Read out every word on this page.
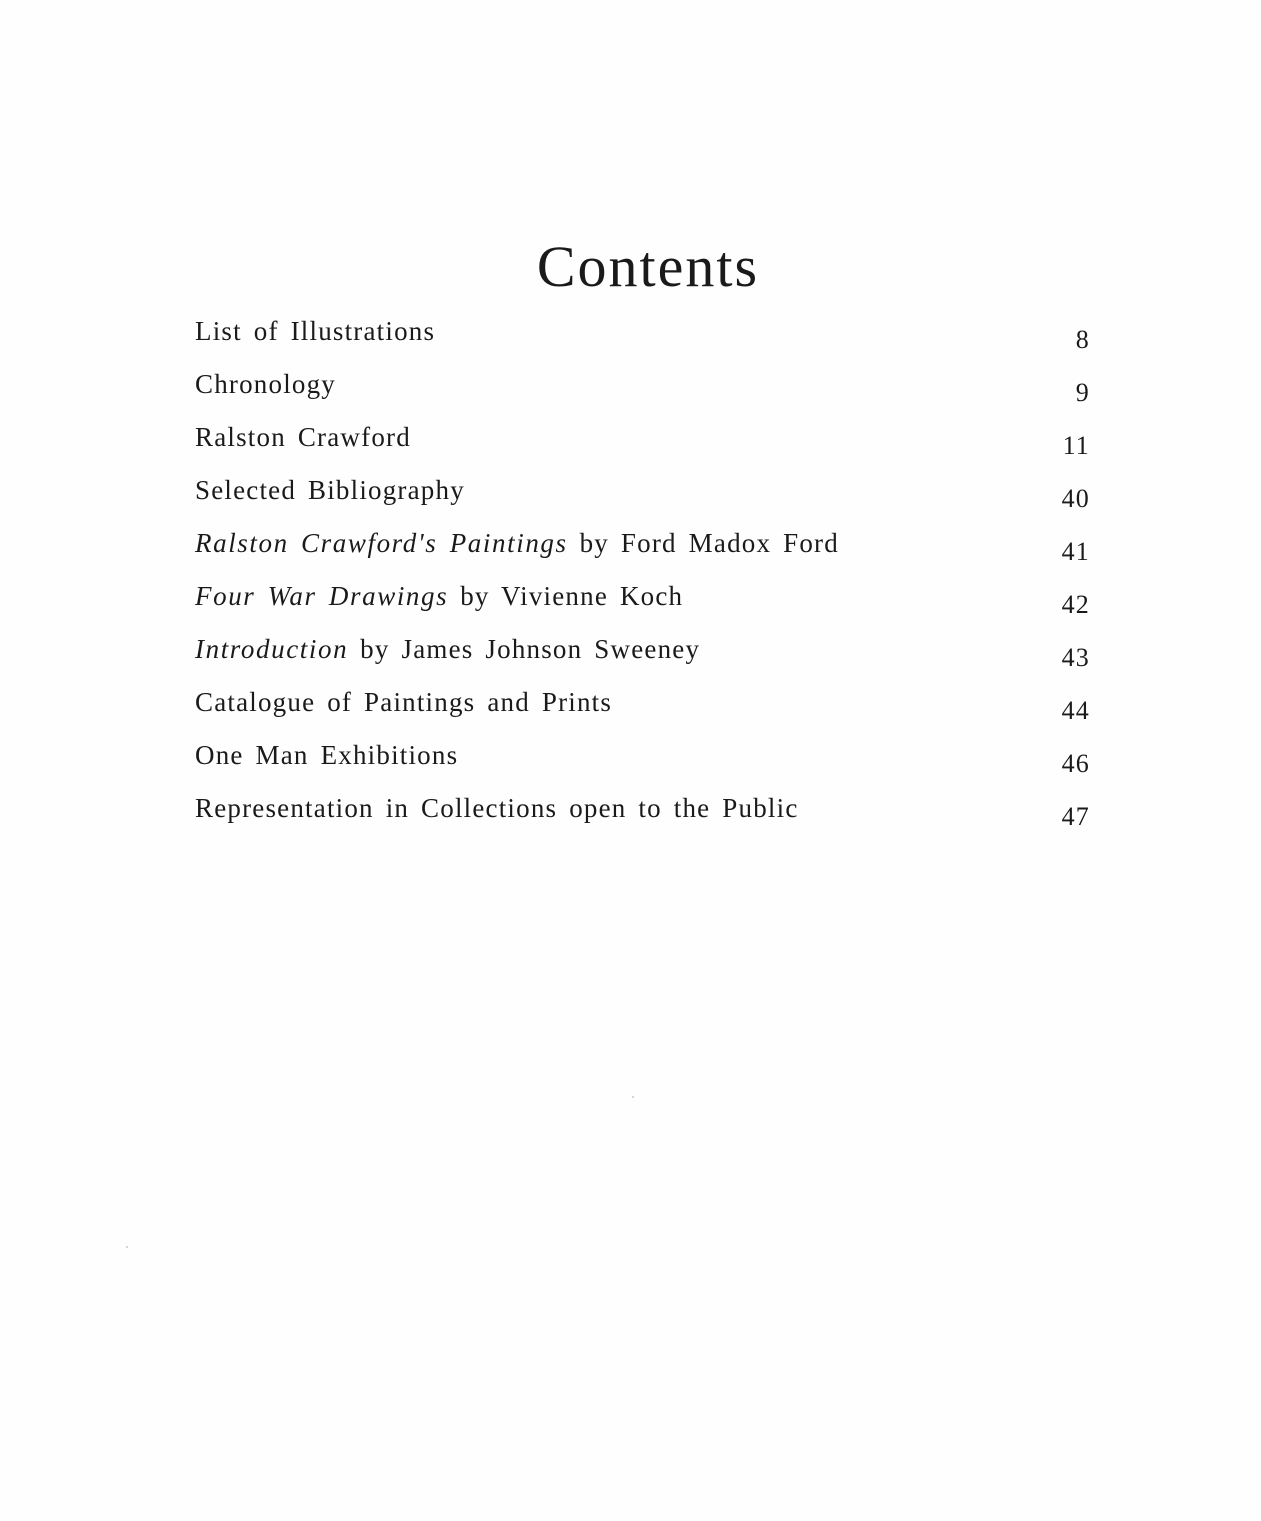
Contents
List of Illustrations	8
Chronology	9
Ralston Crawford	11
Selected Bibliography	40
Ralston Crawford's Paintings by Ford Madox Ford	41
Four War Drawings by Vivienne Koch	42
Introduction by James Johnson Sweeney	43
Catalogue of Paintings and Prints	44
One Man Exhibitions	46
Representation in Collections open to the Public	47
